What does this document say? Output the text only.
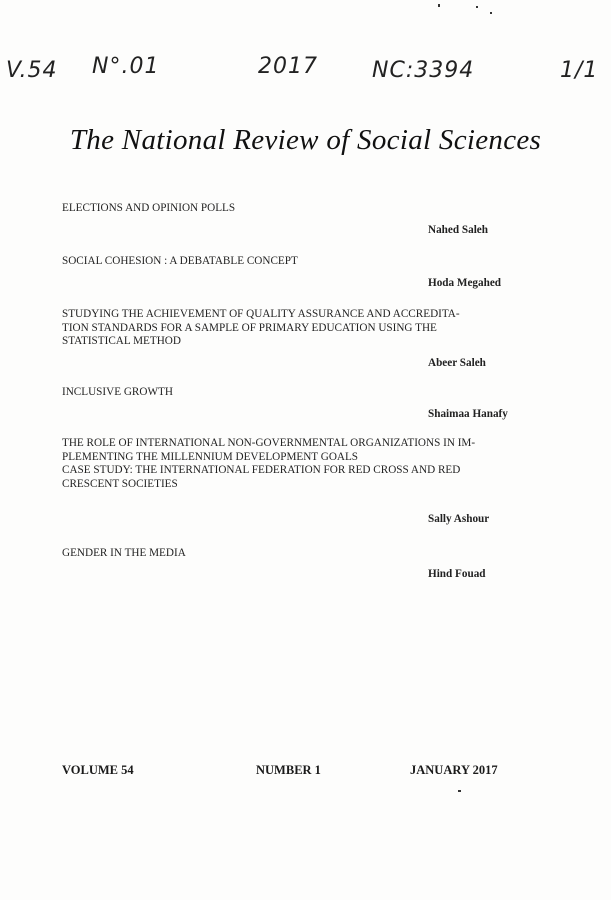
V.54 N°.01	2017 NC:3394	1/1
The National Review of Social Sciences
ELECTIONS AND OPINION POLLS
Nahed Saleh
SOCIAL COHESION : A DEBATABLE CONCEPT
Hoda Megahed
STUDYING THE ACHIEVEMENT OF QUALITY ASSURANCE AND ACCREDITA-
TION STANDARDS FOR A SAMPLE OF PRIMARY EDUCATION USING THE
STATISTICAL METHOD
Abeer Saleh
INCLUSIVE GROWTH
Shaimaa Hanafy
THE ROLE OF INTERNATIONAL NON-GOVERNMENTAL ORGANIZATIONS IN IM-
PLEMENTING THE MILLENNIUM DEVELOPMENT GOALS
CASE STUDY: THE INTERNATIONAL FEDERATION FOR RED CROSS AND RED
CRESCENT SOCIETIES
Sally Ashour
GENDER IN THE MEDIA
Hind Fouad
VOLUME 54	NUMBER 1	JANUARY 2017
